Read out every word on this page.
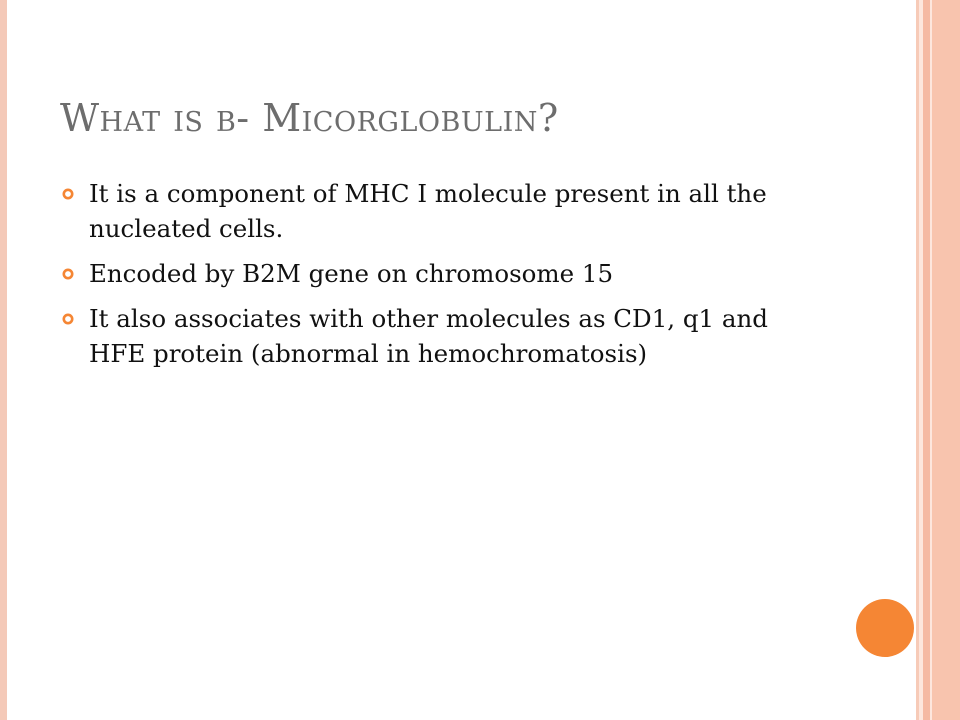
What is b- Micorglobulin?
It is a component of MHC I molecule present in all the nucleated cells.
Encoded by B2M gene on chromosome 15
It also associates with other molecules as CD1, q1 and HFE protein (abnormal in hemochromatosis)
